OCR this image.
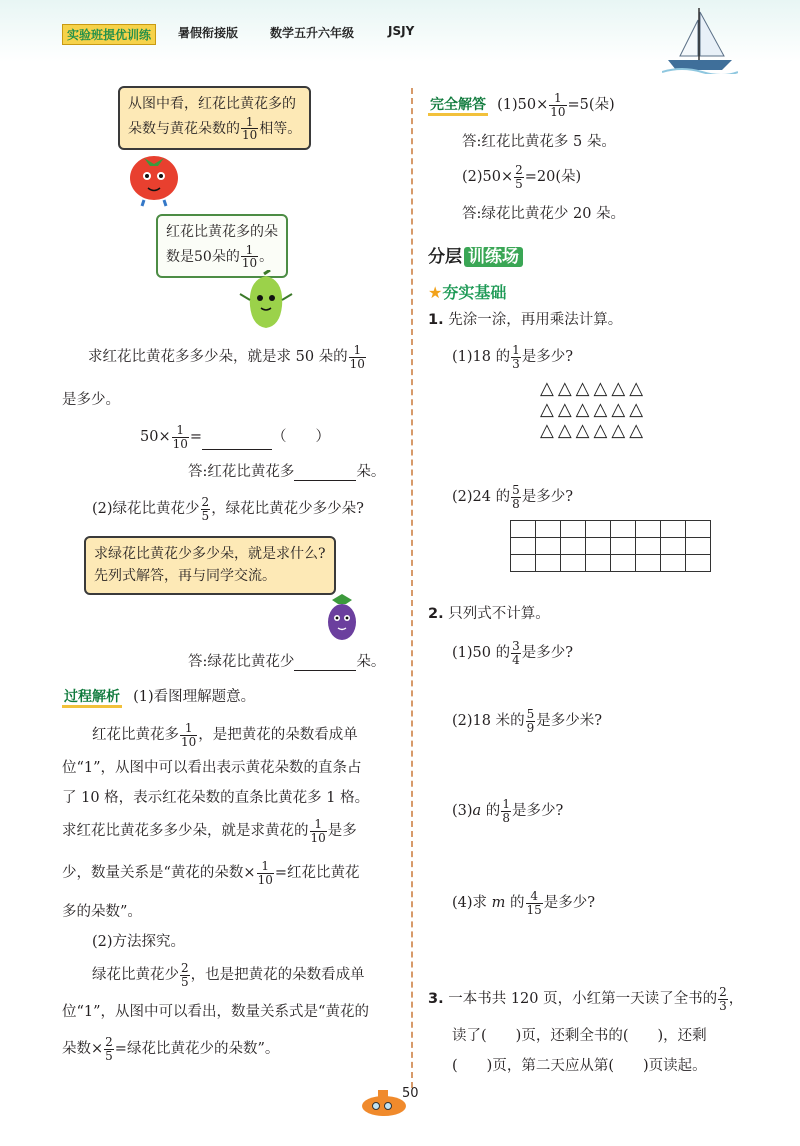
实验班提优训练	暑假衔接版	数学五升六年级	JSJY
从图中看，红花比黄花多的
朵数与黄花朵数的 $\frac{1}{10}$ 相等。
红花比黄花多的朵
数是50朵的 $\frac{1}{10}$ 。
求红花比黄花多多少朵，就是求 50 朵的 $\frac{1}{10}$
是多少。
$50\times \frac{1}{10}$ =	（　　）
答:红花比黄花多	朵。
(2)绿花比黄花少 $\frac{2}{5}$ ，绿花比黄花少多少朵?
求绿花比黄花少多少朵，就是求什么?
先列式解答，再与同学交流。
答:绿花比黄花少	朵。
过程解析 (1)看图理解题意。
红花比黄花多 $\frac{1}{10}$ ，是把黄花的朵数看成单
位“1”，从图中可以看出表示黄花朵数的直条占
了 10 格，表示红花朵数的直条比黄花多 1 格。
求红花比黄花多多少朵，就是求黄花的 $\frac{1}{10}$ 是多
少，数量关系是“黄花的朵数× $\frac{1}{10}$ =红花比黄花
多的朵数”。
(2)方法探究。
绿花比黄花少 $\frac{2}{5}$ ，也是把黄花的朵数看成单
位“1”，从图中可以看出，数量关系式是“黄花的
朵数× $\frac{2}{5}$ =绿花比黄花少的朵数”。
完全解答 $(1)50\times \frac{1}{10} =5$(朵)
答:红花比黄花多 5 朵。
$(2)50\times \frac{2}{5} =20$(朵)
答:绿花比黄花少 20 朵。
分层 训练场
★夯实基础
1. 先涂一涂，再用乘法计算。
(1)18 的 $\frac{1}{3}$ 是多少?
△△△△△△
△△△△△△
△△△△△△
(2)24 的 $\frac{5}{8}$ 是多少?

2. 只列式不计算。
(1)50 的 $\frac{3}{4}$ 是多少?
(2)18 米的 $\frac{5}{9}$ 是多少米?
(3)a 的 $\frac{1}{8}$ 是多少?
(4)求 m 的 $\frac{4}{15}$ 是多少?
3. 一本书共 120 页，小红第一天读了全书的 $\frac{2}{3}$ ，
读了(　　)页，还剩全书的(　　)，还剩
(　　)页，第二天应从第(　　)页读起。
50
